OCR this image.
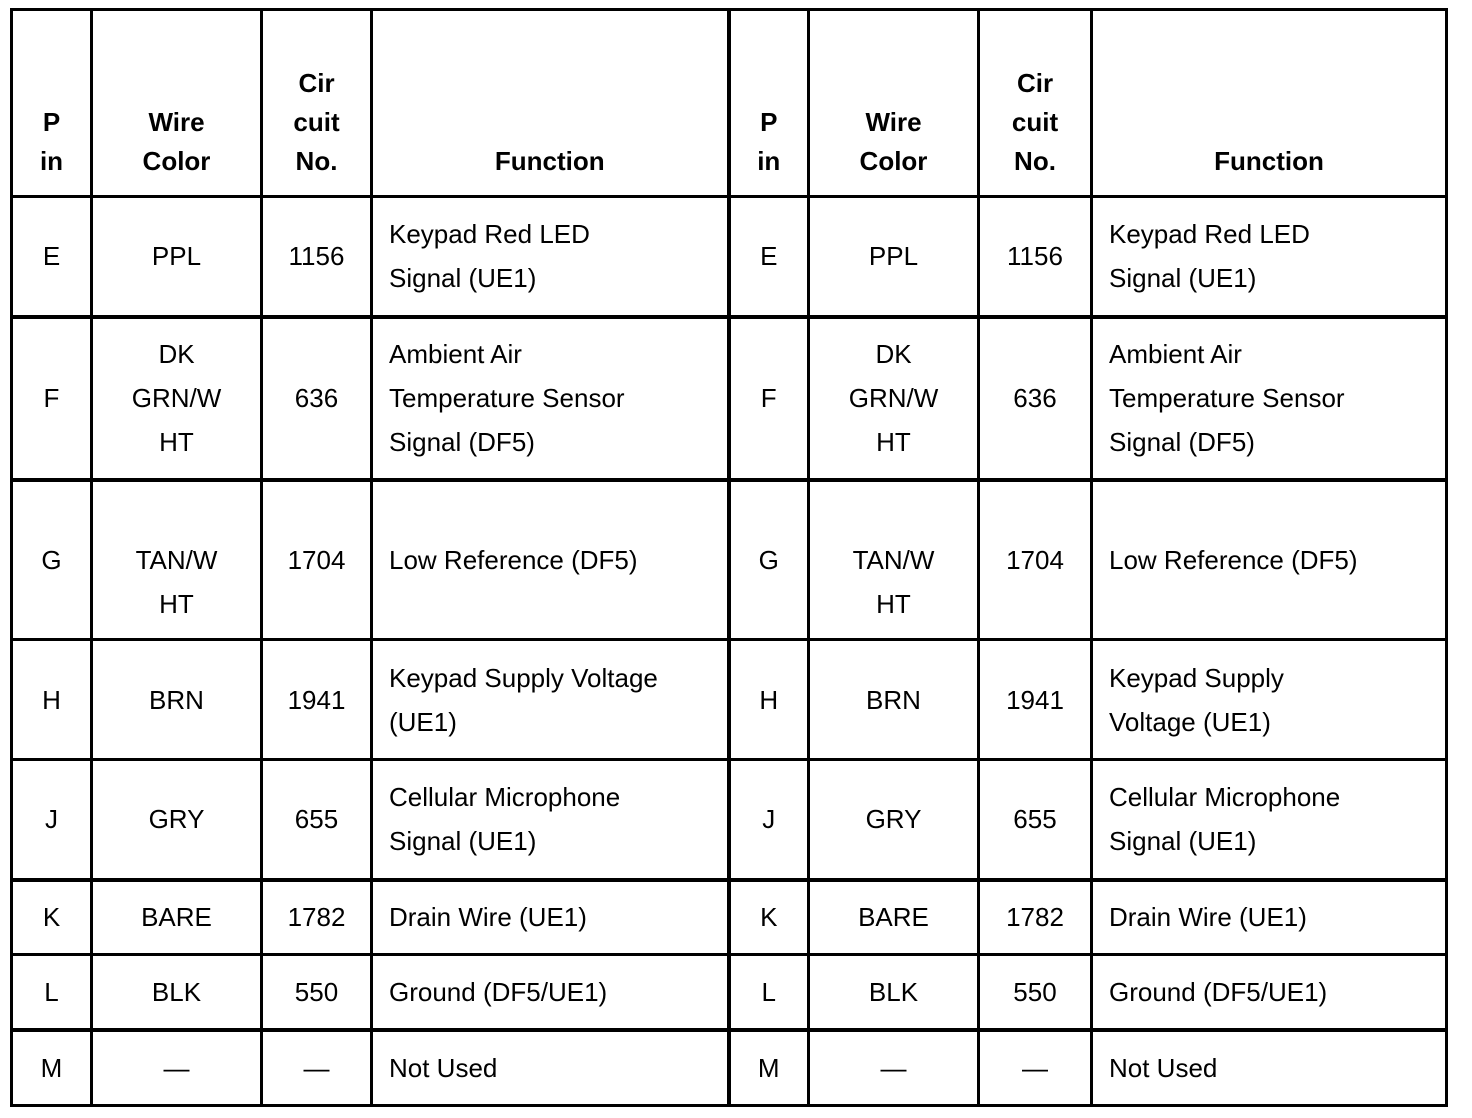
P
in	Wire
Color	Cir
cuit
No.	Function	P
in	Wire
Color	Cir
cuit
No.	Function

E	PPL	1156	Keypad Red LED
Signal (UE1)	E	PPL	1156	Keypad Red LED
Signal (UE1)

F	DK
GRN/W
HT	636	Ambient Air
Temperature Sensor
Signal (DF5)	F	DK
GRN/W
HT	636	Ambient Air
Temperature Sensor
Signal (DF5)

G	TAN/W
HT	1704	Low Reference (DF5)	G	TAN/W
HT	1704	Low Reference (DF5)

H	BRN	1941	Keypad Supply Voltage
(UE1)	H	BRN	1941	Keypad Supply
Voltage (UE1)

J	GRY	655	Cellular Microphone
Signal (UE1)	J	GRY	655	Cellular Microphone
Signal (UE1)

K	BARE	1782	Drain Wire (UE1)	K	BARE	1782	Drain Wire (UE1)

L	BLK	550	Ground (DF5/UE1)	L	BLK	550	Ground (DF5/UE1)

M	—	—	Not Used	M	—	—	Not Used
